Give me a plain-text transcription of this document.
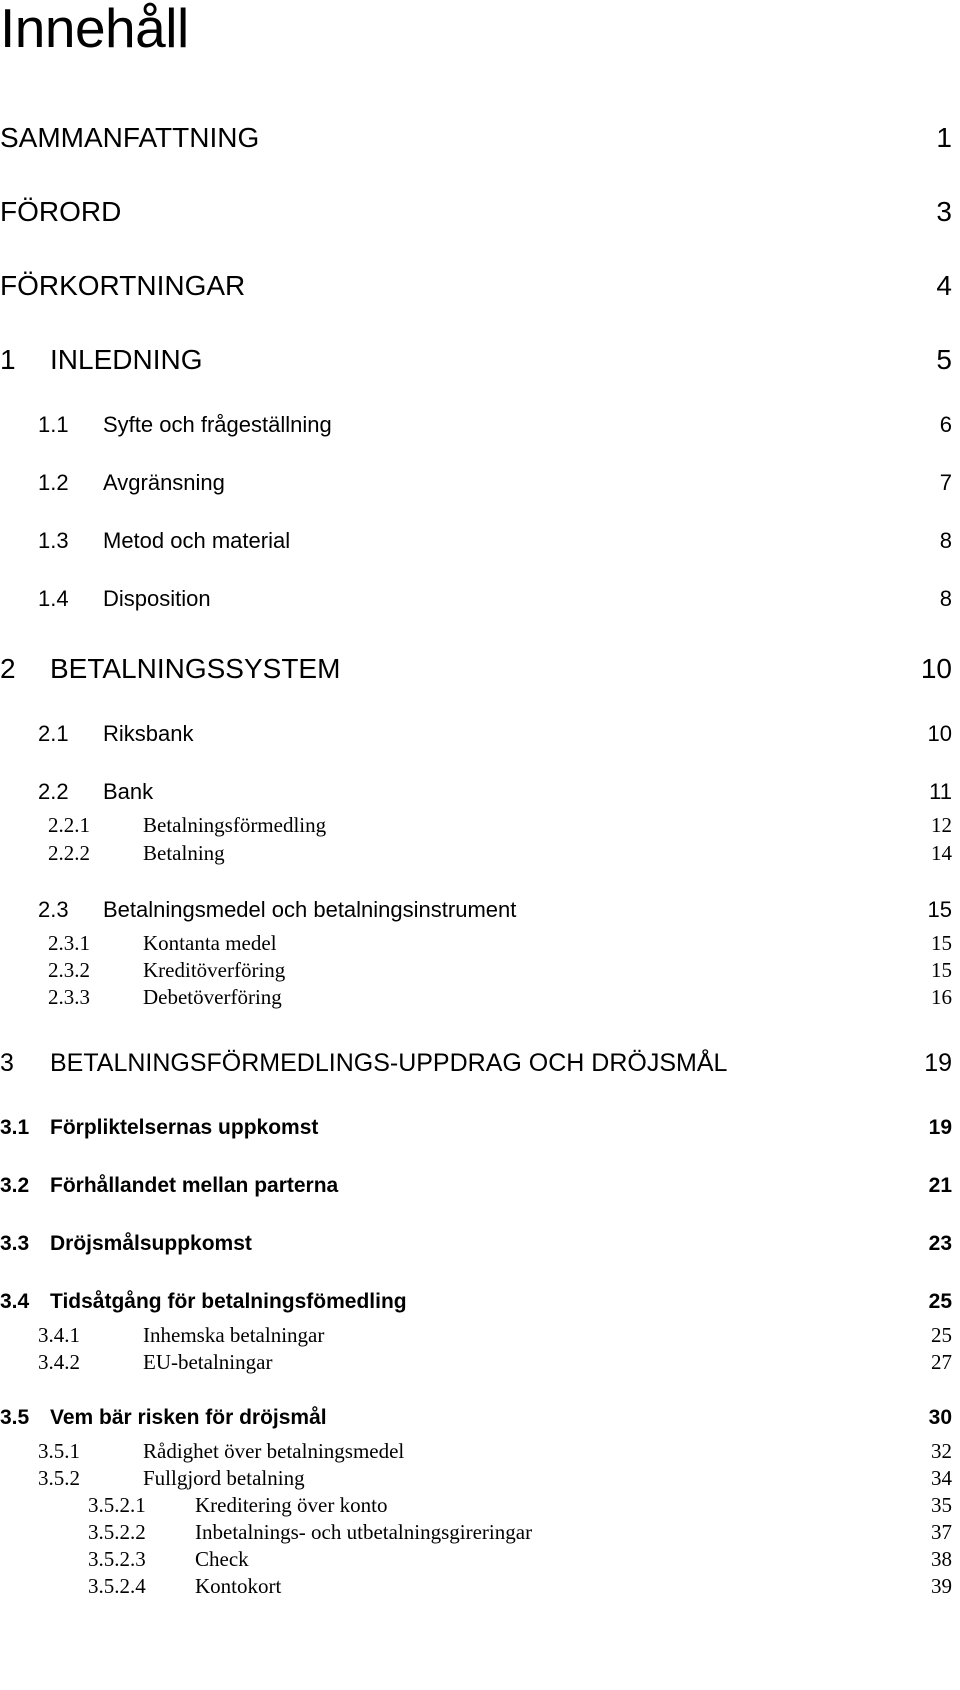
Innehåll
SAMMANFATTNING	1
FÖRORD	3
FÖRKORTNINGAR	4
1 INLEDNING	5
1.1 Syfte och frågeställning	6
1.2 Avgränsning	7
1.3 Metod och material	8
1.4 Disposition	8
2 BETALNINGSSYSTEM	10
2.1 Riksbank	10
2.2 Bank	11
2.2.1	Betalningsförmedling	12
2.2.2	Betalning	14
2.3 Betalningsmedel och betalningsinstrument	15
2.3.1	Kontanta medel	15
2.3.2	Kreditöverföring	15
2.3.3	Debetöverföring	16
3 BETALNINGSFÖRMEDLINGS-UPPDRAG OCH DRÖJSMÅL	19
3.1 Förpliktelsernas uppkomst	19
3.2 Förhållandet mellan parterna	21
3.3 Dröjsmålsuppkomst	23
3.4 Tidsåtgång för betalningsfömedling	25
3.4.1	Inhemska betalningar	25
3.4.2	EU-betalningar	27
3.5 Vem bär risken för dröjsmål	30
3.5.1	Rådighet över betalningsmedel	32
3.5.2	Fullgjord betalning	34
3.5.2.1 Kreditering över konto	35
3.5.2.2 Inbetalnings- och utbetalningsgireringar	37
3.5.2.3 Check	38
3.5.2.4 Kontokort	39
